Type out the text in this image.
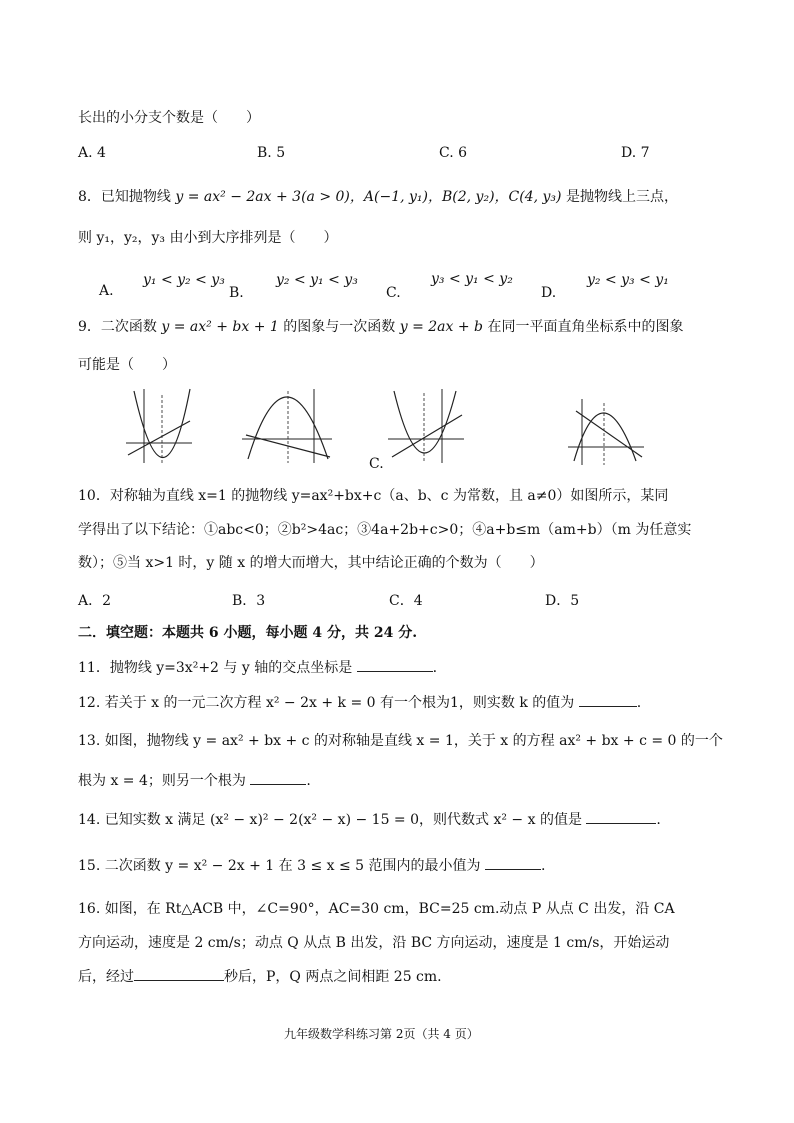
长出的小分支个数是（　　）
A. 4	B. 5	C. 6	D. 7
8．已知抛物线 y = ax² − 2ax + 3(a > 0)，A(−1, y₁)，B(2, y₂)，C(4, y₃) 是抛物线上三点，
则 y₁，y₂，y₃ 由小到大序排列是（　　）
A.
y₁ < y₂ < y₃
B.
y₂ < y₁ < y₃
C.
y₃ < y₁ < y₂
D.
y₂ < y₃ < y₁
9．二次函数 y = ax² + bx + 1 的图象与一次函数 y = 2ax + b 在同一平面直角坐标系中的图象
可能是（　　）
C.
10．对称轴为直线 x=1 的抛物线 y=ax²+bx+c（a、b、c 为常数，且 a≠0）如图所示，某同
学得出了以下结论：①abc<0；②b²>4ac；③4a+2b+c>0；④a+b≤m（am+b）（m 为任意实
数）；⑤当 x>1 时，y 随 x 的增大而增大，其中结论正确的个数为（　　）
A．2	B．3	C．4	D．5
二．填空题：本题共 6 小题，每小题 4 分，共 24 分.
11．抛物线 y=3x²+2 与 y 轴的交点坐标是	.
12. 若关于 x 的一元二次方程 x² − 2x + k = 0 有一个根为1，则实数 k 的值为	.
13. 如图，抛物线 y = ax² + bx + c 的对称轴是直线 x = 1，关于 x 的方程 ax² + bx + c = 0 的一个
根为 x = 4；则另一个根为	.
14. 已知实数 x 满足 (x² − x)² − 2(x² − x) − 15 = 0，则代数式 x² − x 的值是	.
15. 二次函数 y = x² − 2x + 1 在 3 ≤ x ≤ 5 范围内的最小值为	.
16. 如图，在 Rt△ACB 中，∠C=90°，AC=30 cm，BC=25 cm.动点 P 从点 C 出发，沿 CA
方向运动，速度是 2 cm/s；动点 Q 从点 B 出发，沿 BC 方向运动，速度是 1 cm/s，开始运动
后，经过	秒后，P，Q 两点之间相距 25 cm.
九年级数学科练习第 2页（共 4 页）
